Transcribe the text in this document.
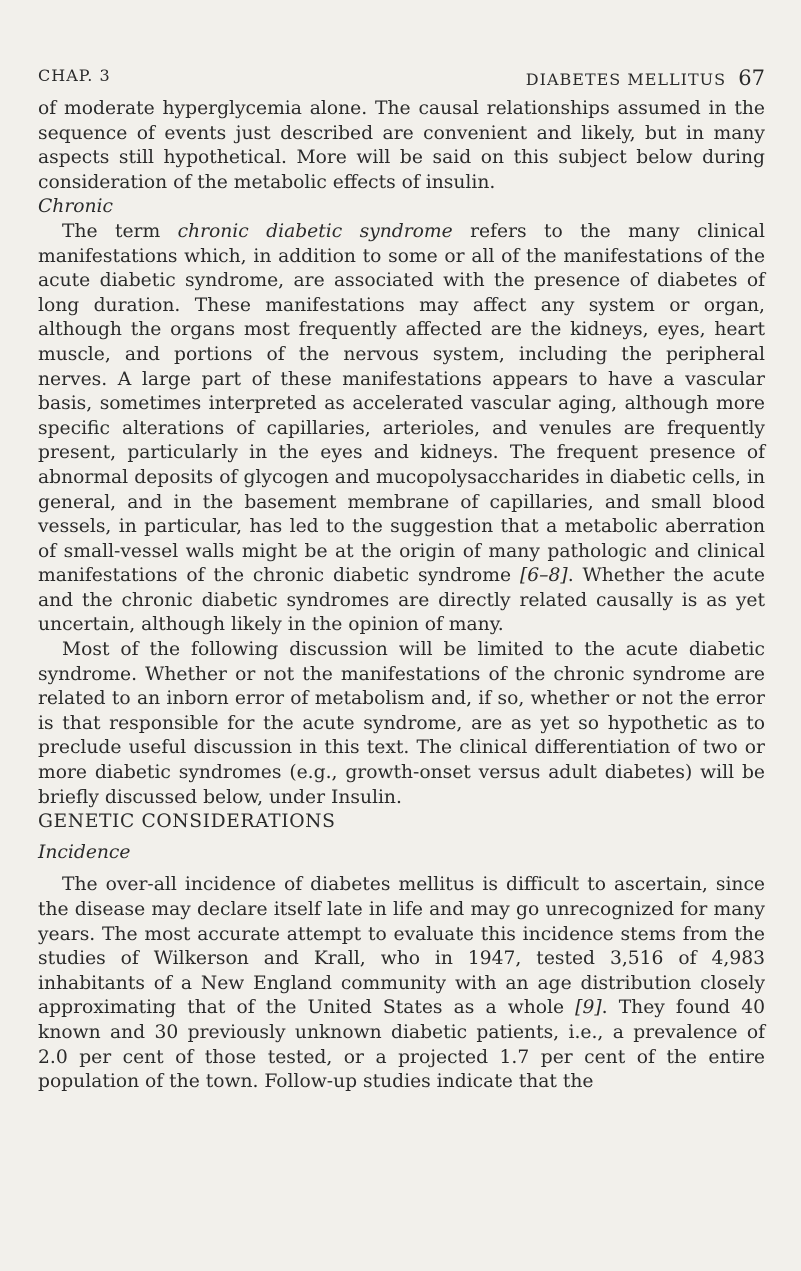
CHAP. 3	DIABETES MELLITUS 67

of moderate hyperglycemia alone. The causal relationships assumed in the sequence of events just described are convenient and likely, but in many aspects still hypothetical. More will be said on this subject below during consideration of the metabolic effects of insulin.

Chronic

The term chronic diabetic syndrome refers to the many clinical manifestations which, in addition to some or all of the manifestations of the acute diabetic syndrome, are associated with the presence of diabetes of long duration. These manifestations may affect any system or organ, although the organs most frequently affected are the kidneys, eyes, heart muscle, and portions of the nervous system, including the peripheral nerves. A large part of these manifestations appears to have a vascular basis, sometimes interpreted as accelerated vascular aging, although more specific alterations of capillaries, arterioles, and venules are frequently present, particularly in the eyes and kidneys. The frequent presence of abnormal deposits of glycogen and mucopolysaccharides in diabetic cells, in general, and in the basement membrane of capillaries, and small blood vessels, in particular, has led to the suggestion that a metabolic aberration of small-vessel walls might be at the origin of many pathologic and clinical manifestations of the chronic diabetic syndrome [6–8]. Whether the acute and the chronic diabetic syndromes are directly related causally is as yet uncertain, although likely in the opinion of many.

Most of the following discussion will be limited to the acute diabetic syndrome. Whether or not the manifestations of the chronic syndrome are related to an inborn error of metabolism and, if so, whether or not the error is that responsible for the acute syndrome, are as yet so hypothetic as to preclude useful discussion in this text. The clinical differentiation of two or more diabetic syndromes (e.g., growth-onset versus adult diabetes) will be briefly discussed below, under Insulin.

GENETIC CONSIDERATIONS

Incidence

The over-all incidence of diabetes mellitus is difficult to ascertain, since the disease may declare itself late in life and may go unrecognized for many years. The most accurate attempt to evaluate this incidence stems from the studies of Wilkerson and Krall, who in 1947, tested 3,516 of 4,983 inhabitants of a New England community with an age distribution closely approximating that of the United States as a whole [9]. They found 40 known and 30 previously unknown diabetic patients, i.e., a prevalence of 2.0 per cent of those tested, or a projected 1.7 per cent of the entire population of the town. Follow-up studies indicate that the
